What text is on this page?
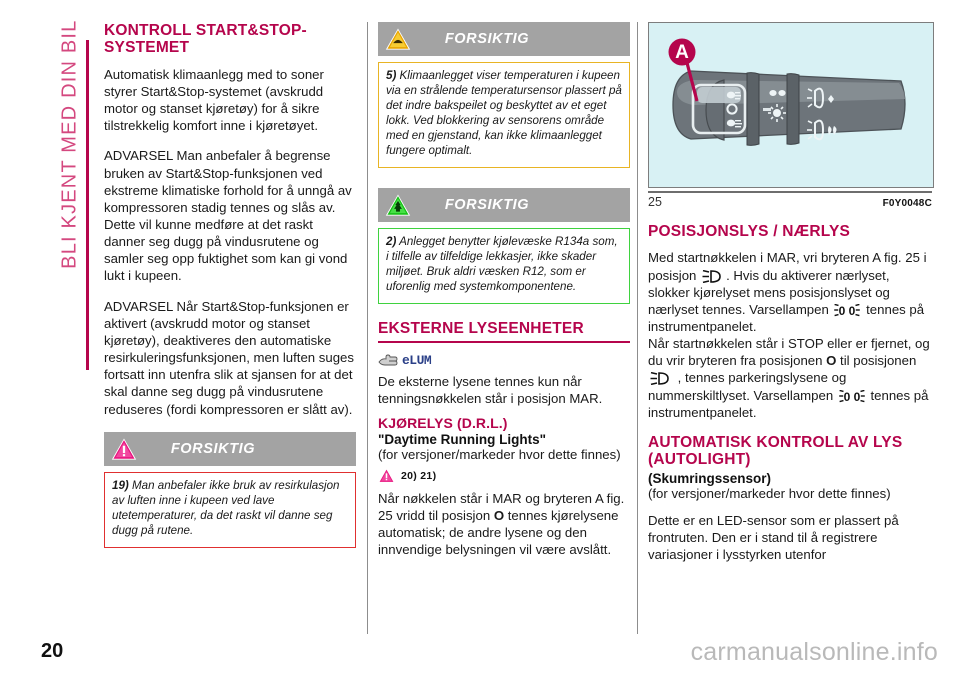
BLI KJENT MED DIN BIL KONTROLL START&STOP-SYSTEMET

Automatisk klimaanlegg med to soner styrer Start&Stop-systemet (avskrudd motor og stanset kjøretøy) for å sikre tilstrekkelig komfort inne i kjøretøyet.

ADVARSEL Man anbefaler å begrense bruken av Start&Stop-funksjonen ved ekstreme klimatiske forhold for å unngå av kompressoren stadig tennes og slås av. Dette vil kunne medføre at det raskt danner seg dugg på vindusrutene og samler seg opp fuktighet som kan gi vond lukt i kupeen.

ADVARSEL Når Start&Stop-funksjonen er aktivert (avskrudd motor og stanset kjøretøy), deaktiveres den automatiske resirkuleringsfunksjonen, men luften suges fortsatt inn utenfra slik at sjansen for at det skal danne seg dugg på vindusrutene reduseres (fordi kompressoren er slått av).

FORSIKTIG
19) Man anbefaler ikke bruk av resirkulasjon av luften inne i kupeen ved lave utetemperaturer, da det raskt vil danne seg dugg på rutene.
FORSIKTIG
5) Klimaanlegget viser temperaturen i kupeen via en strålende temperatursensor plassert på det indre bakspeilet og beskyttet av et eget lokk. Ved blokkering av sensorens område med en gjenstand, kan ikke klimaanlegget fungere optimalt.
FORSIKTIG
2) Anlegget benytter kjølevæske R134a som, i tilfelle av tilfeldige lekkasjer, ikke skader miljøet. Bruk aldri væsken R12, som er uforenlig med systemkomponentene.
EKSTERNE LYSEENHETER
eLUM

De eksterne lysene tennes kun når tenningsnøkkelen står i posisjon MAR.

KJØRELYS (D.R.L.)
"Daytime Running Lights"

(for versjoner/markeder hvor dette finnes)

20) 21)

Når nøkkelen står i MAR og bryteren A fig. 25 vridd til posisjon O tennes kjørelysene automatisk; de andre lysene og den innvendige belysningen vil være avslått.

A
25	F0Y0048C
POSISJONSLYS / NÆRLYS

Med startnøkkelen i MAR, vri bryteren A fig. 25 i posisjon . Hvis du aktiverer nærlyset, slokker kjørelyset mens posisjonslyset og nærlyset tennes. Varsellampen 0 0 tennes på instrumentpanelet.

Når startnøkkelen står i STOP eller er fjernet, og du vrir bryteren fra posisjonen O til posisjonen  , tennes parkeringslysene og nummerskiltlyset. Varsellampen 0 0 tennes på instrumentpanelet.

AUTOMATISK KONTROLL AV LYS (AUTOLIGHT)
(Skumringssensor)

(for versjoner/markeder hvor dette finnes)

Dette er en LED-sensor som er plassert på frontruten. Den er i stand til å registrere variasjoner i lysstyrken utenfor

20	carmanualsonline.info
